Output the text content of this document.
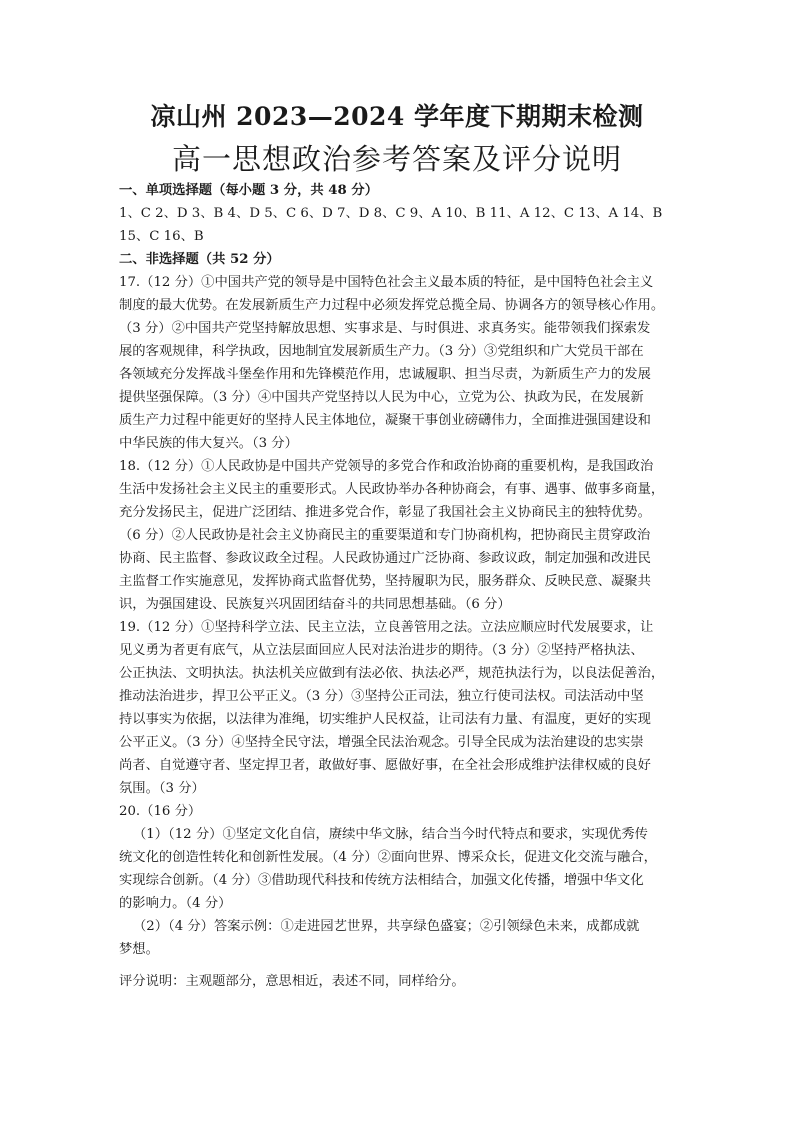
凉山州 2023—2024 学年度下期期末检测
高一思想政治参考答案及评分说明
一、单项选择题（每小题 3 分，共 48 分）
1、C 2、D 3、B 4、D 5、C 6、D 7、D 8、C 9、A 10、B 11、A 12、C 13、A 14、B
15、C 16、B
二、非选择题（共 52 分）
17.（12 分）①中国共产党的领导是中国特色社会主义最本质的特征，是中国特色社会主义
制度的最大优势。在发展新质生产力过程中必须发挥党总揽全局、协调各方的领导核心作用。
（3 分）②中国共产党坚持解放思想、实事求是、与时俱进、求真务实。能带领我们探索发
展的客观规律，科学执政，因地制宜发展新质生产力。（3 分）③党组织和广大党员干部在
各领域充分发挥战斗堡垒作用和先锋模范作用，忠诚履职、担当尽责，为新质生产力的发展
提供坚强保障。（3 分）④中国共产党坚持以人民为中心，立党为公、执政为民，在发展新
质生产力过程中能更好的坚持人民主体地位，凝聚干事创业磅礴伟力，全面推进强国建设和
中华民族的伟大复兴。（3 分）
18.（12 分）①人民政协是中国共产党领导的多党合作和政治协商的重要机构，是我国政治
生活中发扬社会主义民主的重要形式。人民政协举办各种协商会，有事、遇事、做事多商量，
充分发扬民主，促进广泛团结、推进多党合作，彰显了我国社会主义协商民主的独特优势。
（6 分）②人民政协是社会主义协商民主的重要渠道和专门协商机构，把协商民主贯穿政治
协商、民主监督、参政议政全过程。人民政协通过广泛协商、参政议政，制定加强和改进民
主监督工作实施意见，发挥协商式监督优势，坚持履职为民，服务群众、反映民意、凝聚共
识，为强国建设、民族复兴巩固团结奋斗的共同思想基础。（6 分）
19.（12 分）①坚持科学立法、民主立法，立良善管用之法。立法应顺应时代发展要求，让
见义勇为者更有底气，从立法层面回应人民对法治进步的期待。（3 分）②坚持严格执法、
公正执法、文明执法。执法机关应做到有法必依、执法必严，规范执法行为，以良法促善治，
推动法治进步，捍卫公平正义。（3 分）③坚持公正司法，独立行使司法权。司法活动中坚
持以事实为依据，以法律为准绳，切实维护人民权益，让司法有力量、有温度，更好的实现
公平正义。（3 分）④坚持全民守法，增强全民法治观念。引导全民成为法治建设的忠实崇
尚者、自觉遵守者、坚定捍卫者，敢做好事、愿做好事，在全社会形成维护法律权威的良好
氛围。（3 分）
20.（16 分）
（1）（12 分）①坚定文化自信，赓续中华文脉，结合当今时代特点和要求，实现优秀传
统文化的创造性转化和创新性发展。（4 分）②面向世界、博采众长，促进文化交流与融合，
实现综合创新。（4 分）③借助现代科技和传统方法相结合，加强文化传播，增强中华文化
的影响力。（4 分）
（2）（4 分）答案示例：①走进园艺世界，共享绿色盛宴；②引领绿色未来，成都成就
梦想。
评分说明：主观题部分，意思相近，表述不同，同样给分。
